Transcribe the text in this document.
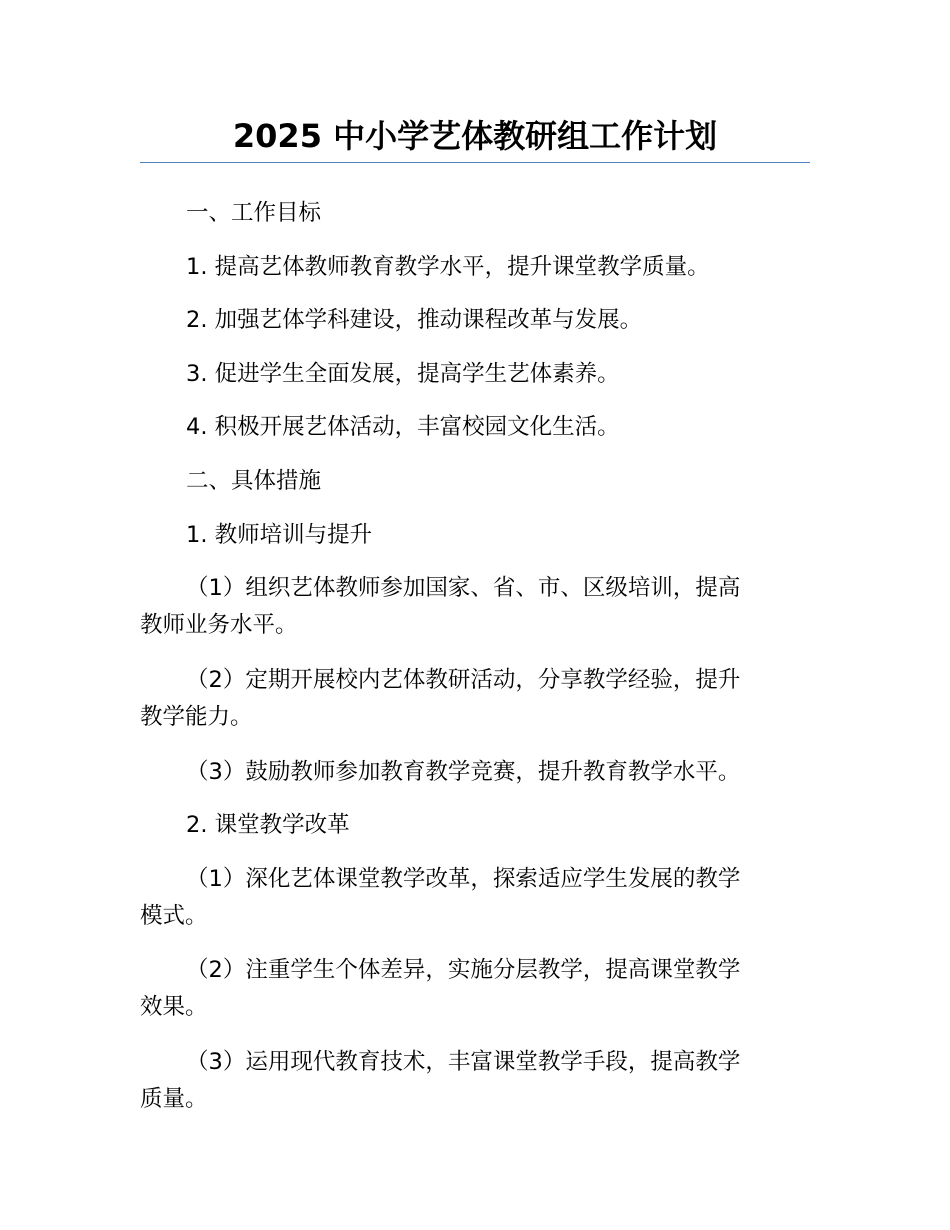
2025 中小学艺体教研组工作计划
一、工作目标
1. 提高艺体教师教育教学水平，提升课堂教学质量。
2. 加强艺体学科建设，推动课程改革与发展。
3. 促进学生全面发展，提高学生艺体素养。
4. 积极开展艺体活动，丰富校园文化生活。
二、具体措施
1. 教师培训与提升
（1）组织艺体教师参加国家、省、市、区级培训，提高
教师业务水平。
（2）定期开展校内艺体教研活动，分享教学经验，提升
教学能力。
（3）鼓励教师参加教育教学竞赛，提升教育教学水平。
2. 课堂教学改革
（1）深化艺体课堂教学改革，探索适应学生发展的教学
模式。
（2）注重学生个体差异，实施分层教学，提高课堂教学
效果。
（3）运用现代教育技术，丰富课堂教学手段，提高教学
质量。
